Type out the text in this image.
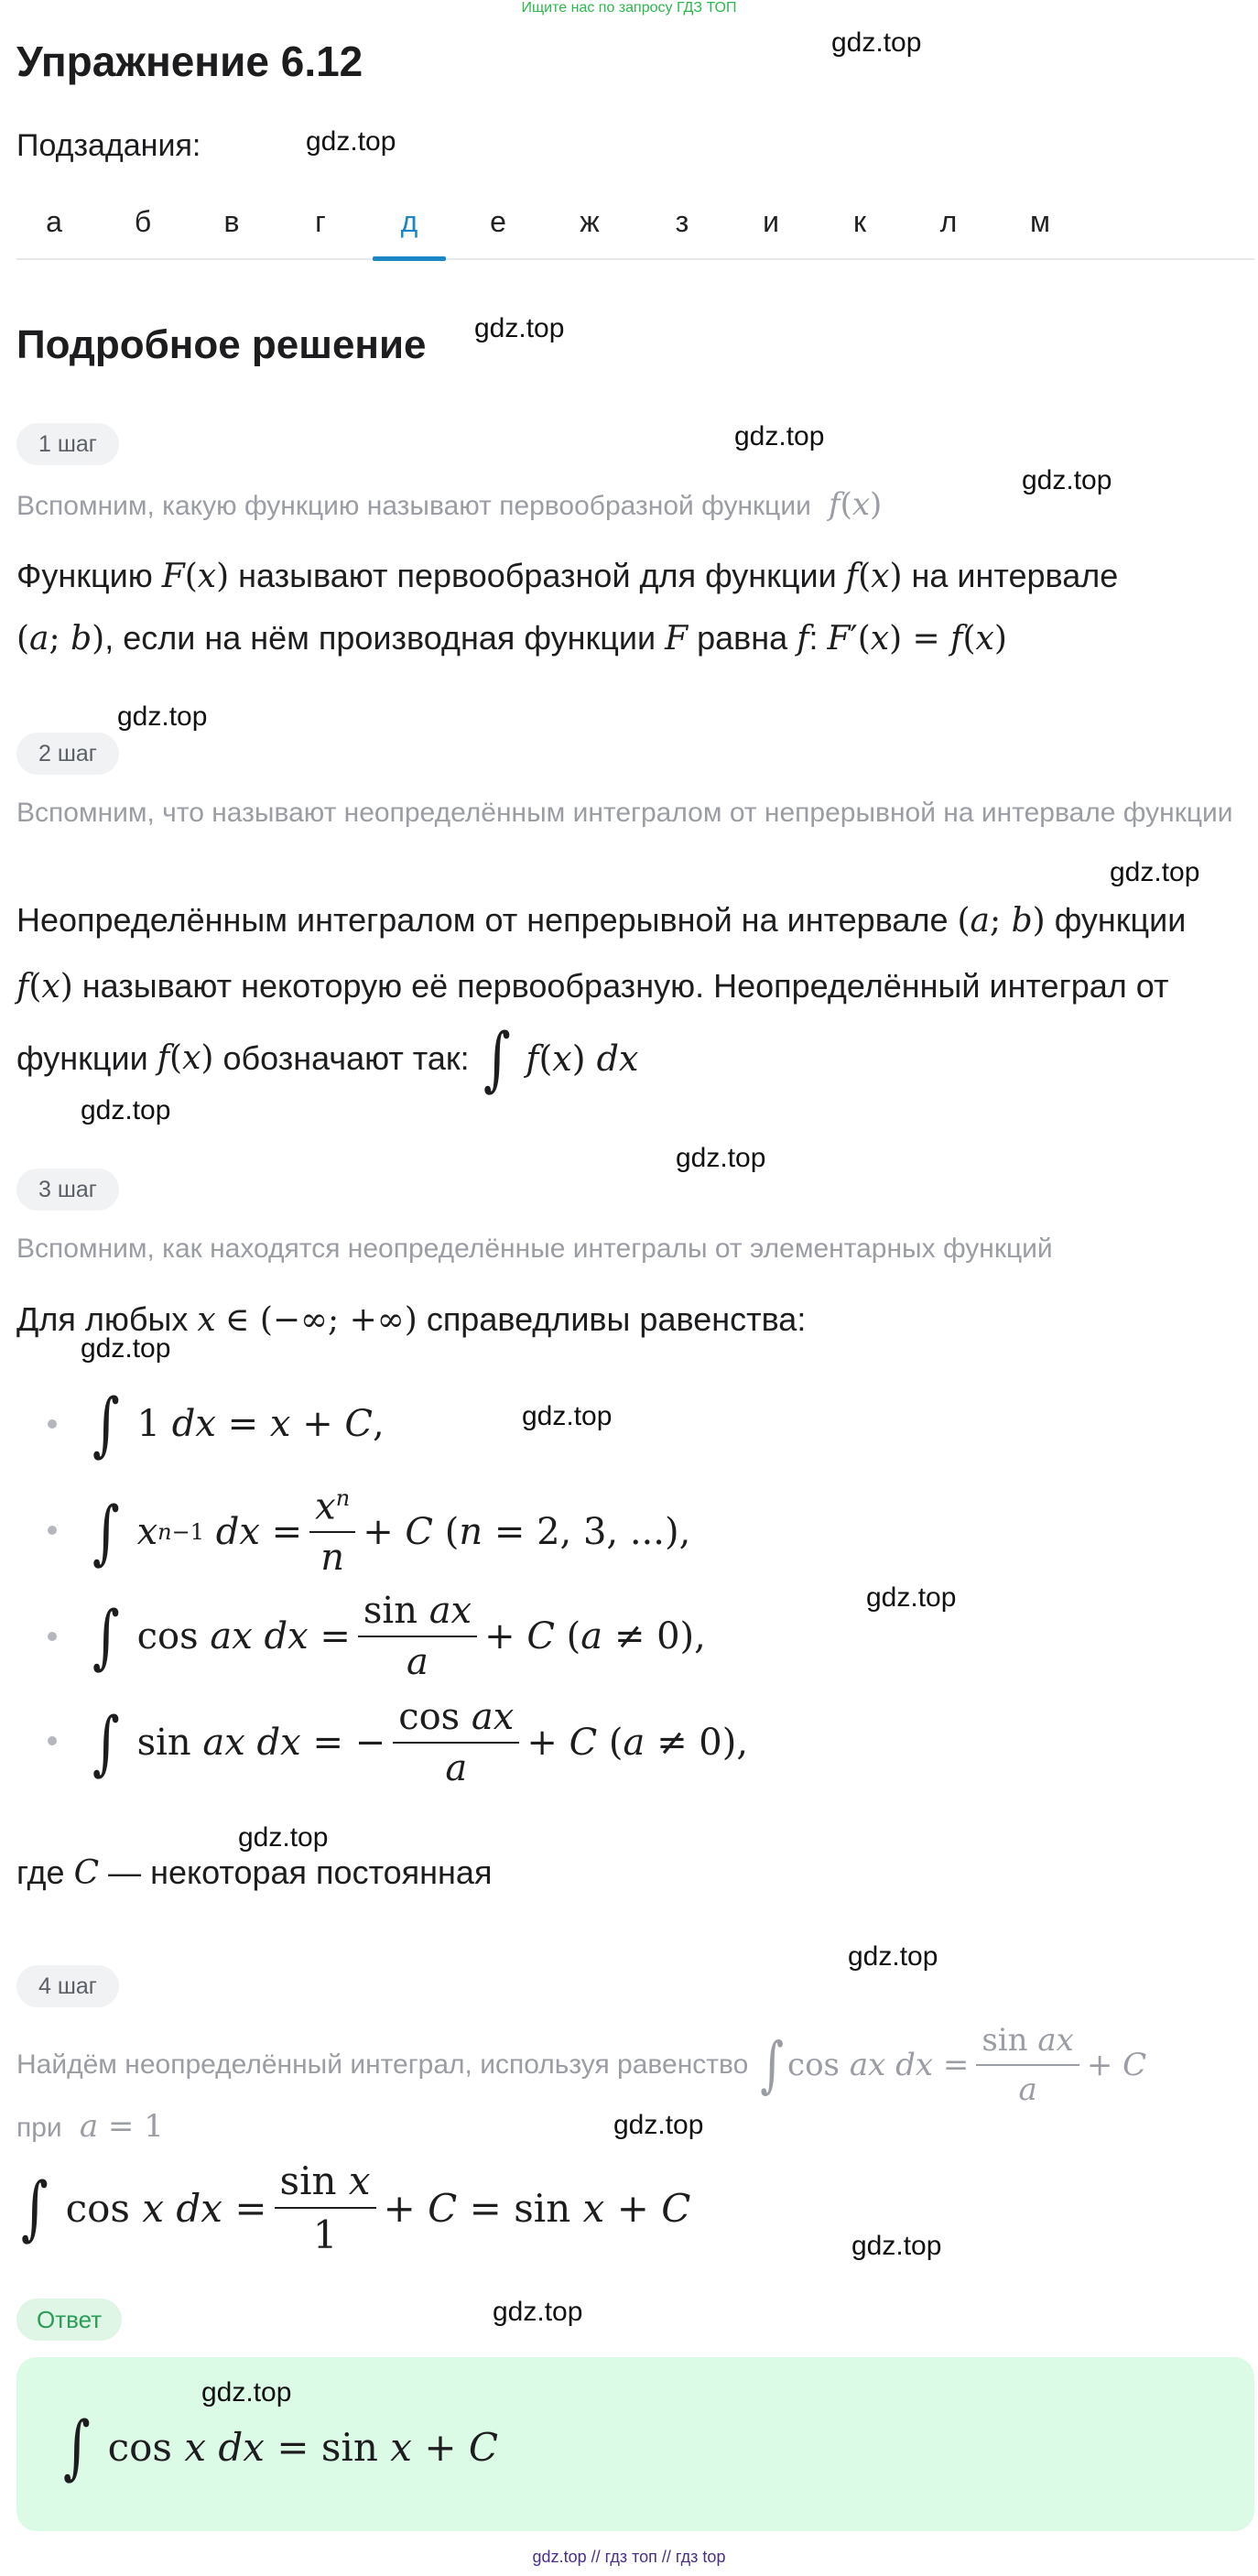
Ищите нас по запросу ГДЗ ТОП
gdz.top
gdz.top
gdz.top
gdz.top
gdz.top
gdz.top
gdz.top
gdz.top
gdz.top
gdz.top
gdz.top
gdz.top
gdz.top
gdz.top
gdz.top
gdz.top
gdz.top
Упражнение 6.12
Подзадания:
а	б	в	г	д	е	ж	з	и	к	л	м
Подробное решение
1 шаг
Вспомним, какую функцию называют первообразной функции  f(x)
Функцию F(x) называют первообразной для функции f(x) на интервале
(a; b), если на нём производная функции F равна f: F′(x) = f(x)
2 шаг
Вспомним, что называют неопределённым интегралом от непрерывной на интервале функции
Неопределённым интегралом от непрерывной на интервале (a; b) функции
f(x) называют некоторую её первообразную. Неопределённый интеграл от
функции
f ( x )
обозначают так:
∫ f ( x ) dx
3 шаг
Вспомним, как находятся неопределённые интегралы от элементарных функций
Для любых x ∈ (−∞; +∞) справедливы равенства:
∫ 1
dx
=
x
+
C ,
∫ x n −1
dx
= $\frac{x^n}{n}$ +
C
( n
= 2, 3, ...),
∫ cos
ax dx
= $\frac{\text{sin ax}}{a}$ +
C
( a
≠ 0),
∫ sin
ax dx
= − $\frac{\text{cos ax}}{a}$ +
C
( a
≠ 0),
где C — некоторая постоянная
4 шаг
Найдём неопределённый интеграл, используя равенство
∫ cos
ax dx
= $\frac{\text{sin ax}}{a}$ +
C
при  a = 1
∫ cos
x dx
= $\frac{\text{sin x}}{1}$ +
C
=
sin
x
+
C
Ответ
∫ cos
x dx
=
sin
x
+
C
gdz.top
gdz.top // гдз топ // гдз top
